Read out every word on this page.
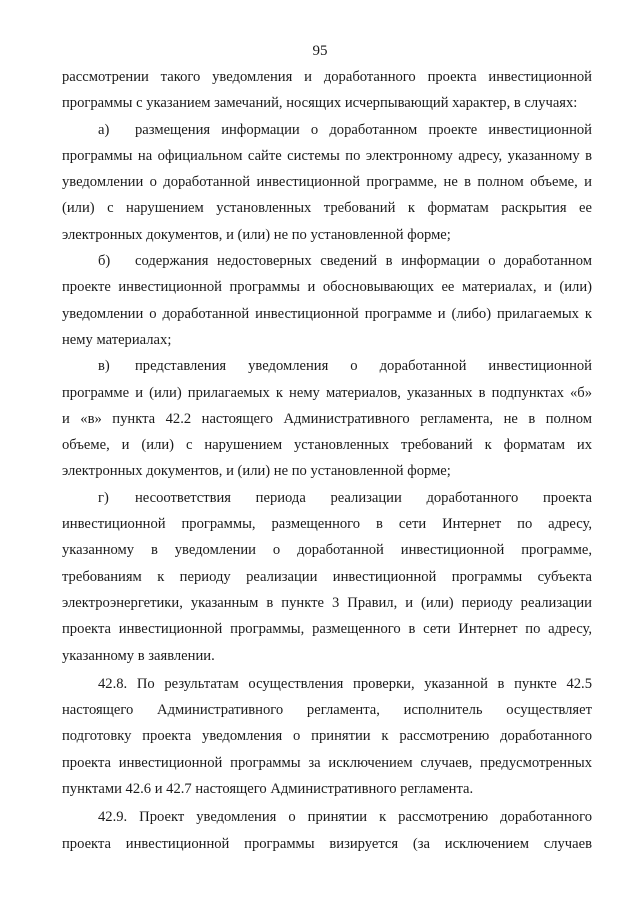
95
рассмотрении такого уведомления и доработанного проекта инвестиционной
программы с указанием замечаний, носящих исчерпывающий характер, в случаях:
а) размещения информации о доработанном проекте инвестиционной
программы на официальном сайте системы по электронному адресу, указанному в
уведомлении о доработанной инвестиционной программе, не в полном объеме, и
(или) с нарушением установленных требований к форматам раскрытия ее
электронных документов, и (или) не по установленной форме;
б) содержания недостоверных сведений в информации о доработанном
проекте инвестиционной программы и обосновывающих ее материалах, и (или)
уведомлении о доработанной инвестиционной программе и (либо) прилагаемых к
нему материалах;
в) представления уведомления о доработанной инвестиционной
программе и (или) прилагаемых к нему материалов, указанных в подпунктах «б»
и «в» пункта 42.2 настоящего Административного регламента, не в полном
объеме, и (или) с нарушением установленных требований к форматам их
электронных документов, и (или) не по установленной форме;
г) несоответствия периода реализации доработанного проекта
инвестиционной программы, размещенного в сети Интернет по адресу,
указанному в уведомлении о доработанной инвестиционной программе,
требованиям к периоду реализации инвестиционной программы субъекта
электроэнергетики, указанным в пункте 3 Правил, и (или) периоду реализации
проекта инвестиционной программы, размещенного в сети Интернет по адресу,
указанному в заявлении.
42.8. По результатам осуществления проверки, указанной в пункте 42.5
настоящего Административного регламента, исполнитель осуществляет
подготовку проекта уведомления о принятии к рассмотрению доработанного
проекта инвестиционной программы за исключением случаев, предусмотренных
пунктами 42.6 и 42.7 настоящего Административного регламента.
42.9. Проект уведомления о принятии к рассмотрению доработанного
проекта инвестиционной программы визируется (за исключением случаев
